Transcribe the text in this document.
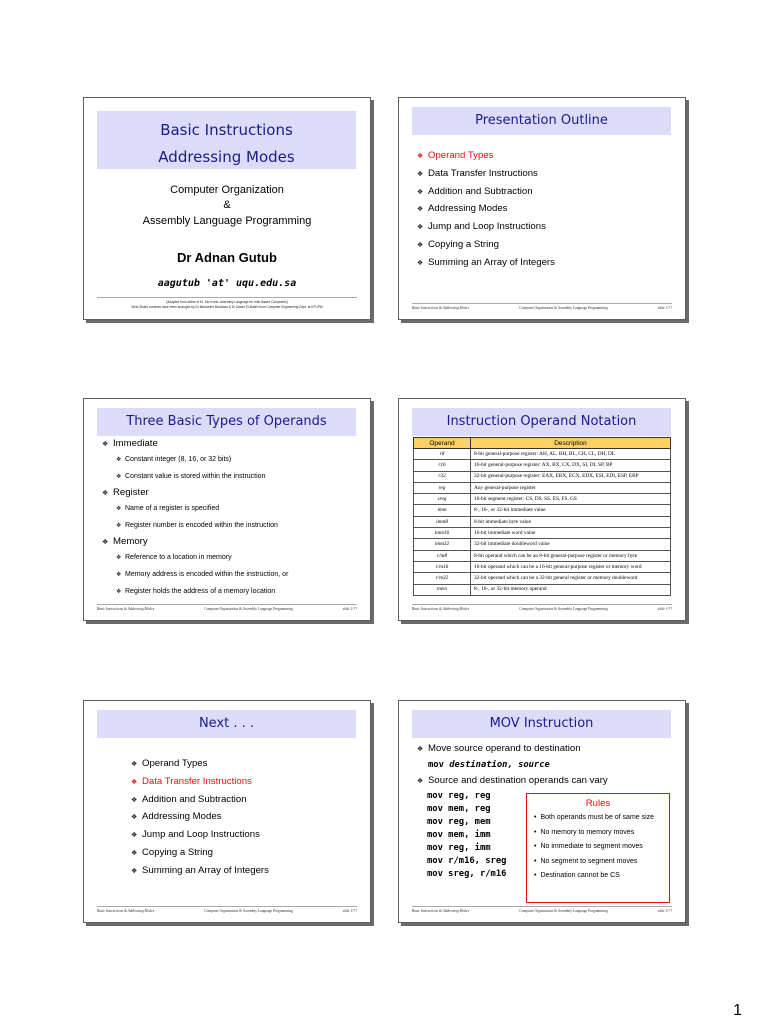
Basic Instructions
Addressing Modes
Computer Organization
&
Assembly Language Programming
Dr Adnan Gutub
aagutub 'at' uqu.edu.sa
[Adapted from slides of Dr. Kip Irvine: Assembly Language for Intel-Based Computers]
Most Slides contents have been arranged by Dr Muhamed Mudawar & Dr Aiman El-Maleh from Computer Engineering Dept. at KFUPM
Presentation Outline
❖ Operand Types
❖ Data Transfer Instructions
❖ Addition and Subtraction
❖ Addressing Modes
❖ Jump and Loop Instructions
❖ Copying a String
❖ Summing an Array of Integers
Basic Instructions & Addressing Modes	Computer Organization & Assembly Language Programming	slide 1/??
Three Basic Types of Operands
❖ Immediate
❖ Constant integer (8, 16, or 32 bits)
❖ Constant value is stored within the instruction
❖ Register
❖ Name of a register is specified
❖ Register number is encoded within the instruction
❖ Memory
❖ Reference to a location in memory
❖ Memory address is encoded within the instruction, or
❖ Register holds the address of a memory location
Basic Instructions & Addressing Modes	Computer Organization & Assembly Language Programming	slide 1/??
Instruction Operand Notation
Operand	Description
r8	8-bit general-purpose register: AH, AL, BH, BL, CH, CL, DH, DL
r16	16-bit general-purpose register: AX, BX, CX, DX, SI, DI, SP, BP
r32	32-bit general-purpose register: EAX, EBX, ECX, EDX, ESI, EDI, ESP, EBP
reg	Any general-purpose register
sreg	16-bit segment register: CS, DS, SS, ES, FS, GS
imm	8-, 16-, or 32-bit immediate value
imm8	8-bit immediate byte value
imm16	16-bit immediate word value
imm32	32-bit immediate doubleword value
r/m8	8-bit operand which can be an 8-bit general-purpose register or memory byte
r/m16	16-bit operand which can be a 16-bit general-purpose register or memory word
r/m32	32-bit operand which can be a 32-bit general register or memory doubleword
mem	8-, 16-, or 32-bit memory operand
Basic Instructions & Addressing Modes	Computer Organization & Assembly Language Programming	slide 1/??
Next . . .
❖ Operand Types
❖ Data Transfer Instructions
❖ Addition and Subtraction
❖ Addressing Modes
❖ Jump and Loop Instructions
❖ Copying a String
❖ Summing an Array of Integers
Basic Instructions & Addressing Modes	Computer Organization & Assembly Language Programming	slide 1/??
MOV Instruction
❖ Move source operand to destination
mov destination, source
❖ Source and destination operands can vary
mov reg, reg
mov mem, reg
mov reg, mem
mov mem, imm
mov reg, imm
mov r/m16, sreg
mov sreg, r/m16
Rules
• Both operands must be of same size
• No memory to memory moves
• No immediate to segment moves
• No segment to segment moves
• Destination cannot be CS
Basic Instructions & Addressing Modes	Computer Organization & Assembly Language Programming	slide 1/??
1
